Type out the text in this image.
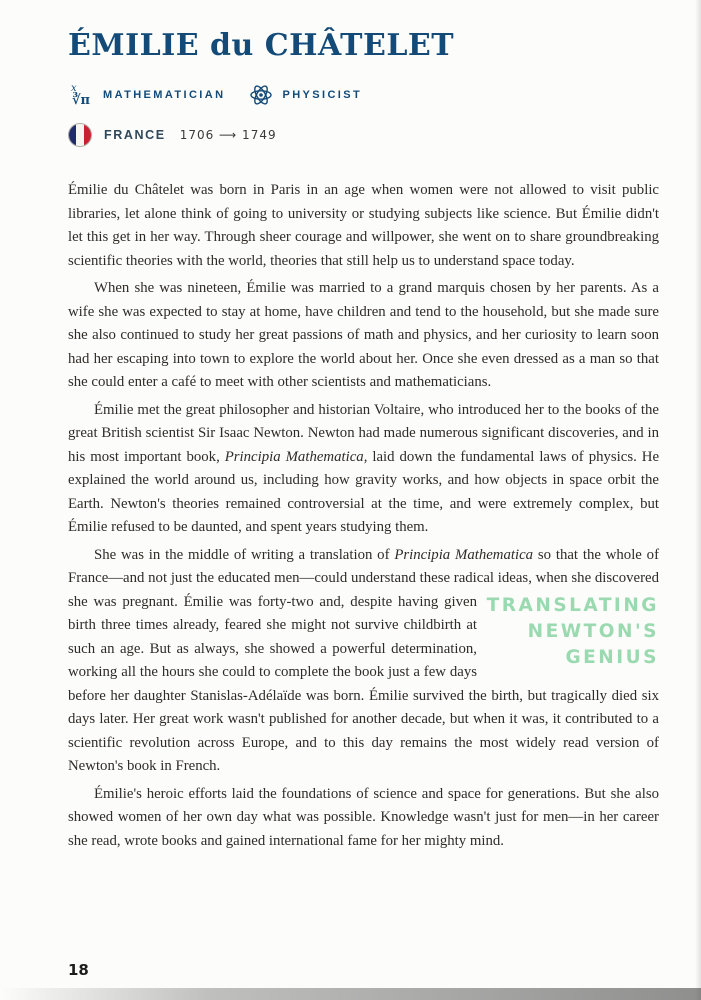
ÉMILIE du CHÂTELET
x
∛π MATHEMATICIAN	PHYSICIST
FRANCE 1706 ⟶ 1749

Émilie du Châtelet was born in Paris in an age when women were not allowed to visit public libraries, let alone think of going to university or studying subjects like science. But Émilie didn't let this get in her way. Through sheer courage and willpower, she went on to share groundbreaking scientific theories with the world, theories that still help us to understand space today.

When she was nineteen, Émilie was married to a grand marquis chosen by her parents. As a wife she was expected to stay at home, have children and tend to the household, but she made sure she also continued to study her great passions of math and physics, and her curiosity to learn soon had her escaping into town to explore the world about her. Once she even dressed as a man so that she could enter a café to meet with other scientists and mathematicians.

Émilie met the great philosopher and historian Voltaire, who introduced her to the books of the great British scientist Sir Isaac Newton. Newton had made numerous significant discoveries, and in his most important book, Principia Mathematica, laid down the fundamental laws of physics. He explained the world around us, including how gravity works, and how objects in space orbit the Earth. Newton's theories remained controversial at the time, and were extremely complex, but Émilie refused to be daunted, and spent years studying them.

She was in the middle of writing a translation of Principia Mathematica so that the whole of France—and not just the educated men—could understand these radical ideas, when she discovered she was pregnant. Émilie was forty-two and, despite having given TRANSLATING
NEWTON'S
GENIUS
birth three times already, feared she might not survive childbirth at such an age. But as always, she showed a powerful determination, working all the hours she could to complete the book just a few days before her daughter Stanislas-Adélaïde was born. Émilie survived the birth, but tragically died six days later. Her great work wasn't published for another decade, but when it was, it contributed to a scientific revolution across Europe, and to this day remains the most widely read version of Newton's book in French.

Émilie's heroic efforts laid the foundations of science and space for generations. But she also showed women of her own day what was possible. Knowledge wasn't just for men—in her career she read, wrote books and gained international fame for her mighty mind.

18
